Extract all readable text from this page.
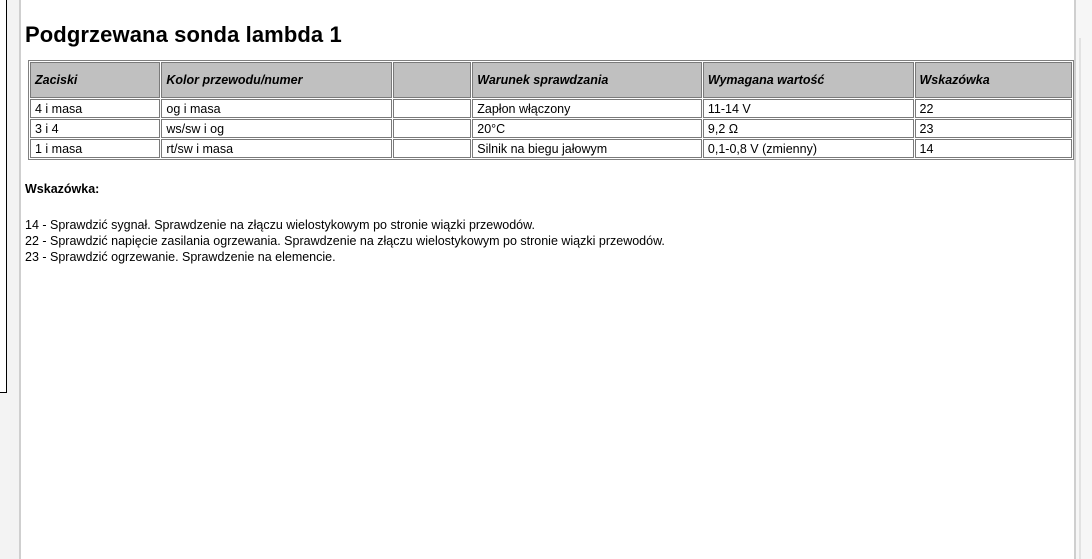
Podgrzewana sonda lambda 1
Zaciski	Kolor przewodu/numer		Warunek sprawdzania	Wymagana wartość	Wskazówka
4 i masa	og i masa		Zapłon włączony	11-14 V	22
3 i 4	ws/sw i og		20°C	9,2 Ω	23
1 i masa	rt/sw i masa		Silnik na biegu jałowym	0,1-0,8 V (zmienny)	14
Wskazówka:
14 - Sprawdzić sygnał. Sprawdzenie na złączu wielostykowym po stronie wiązki przewodów.
22 - Sprawdzić napięcie zasilania ogrzewania. Sprawdzenie na złączu wielostykowym po stronie wiązki przewodów.
23 - Sprawdzić ogrzewanie. Sprawdzenie na elemencie.
